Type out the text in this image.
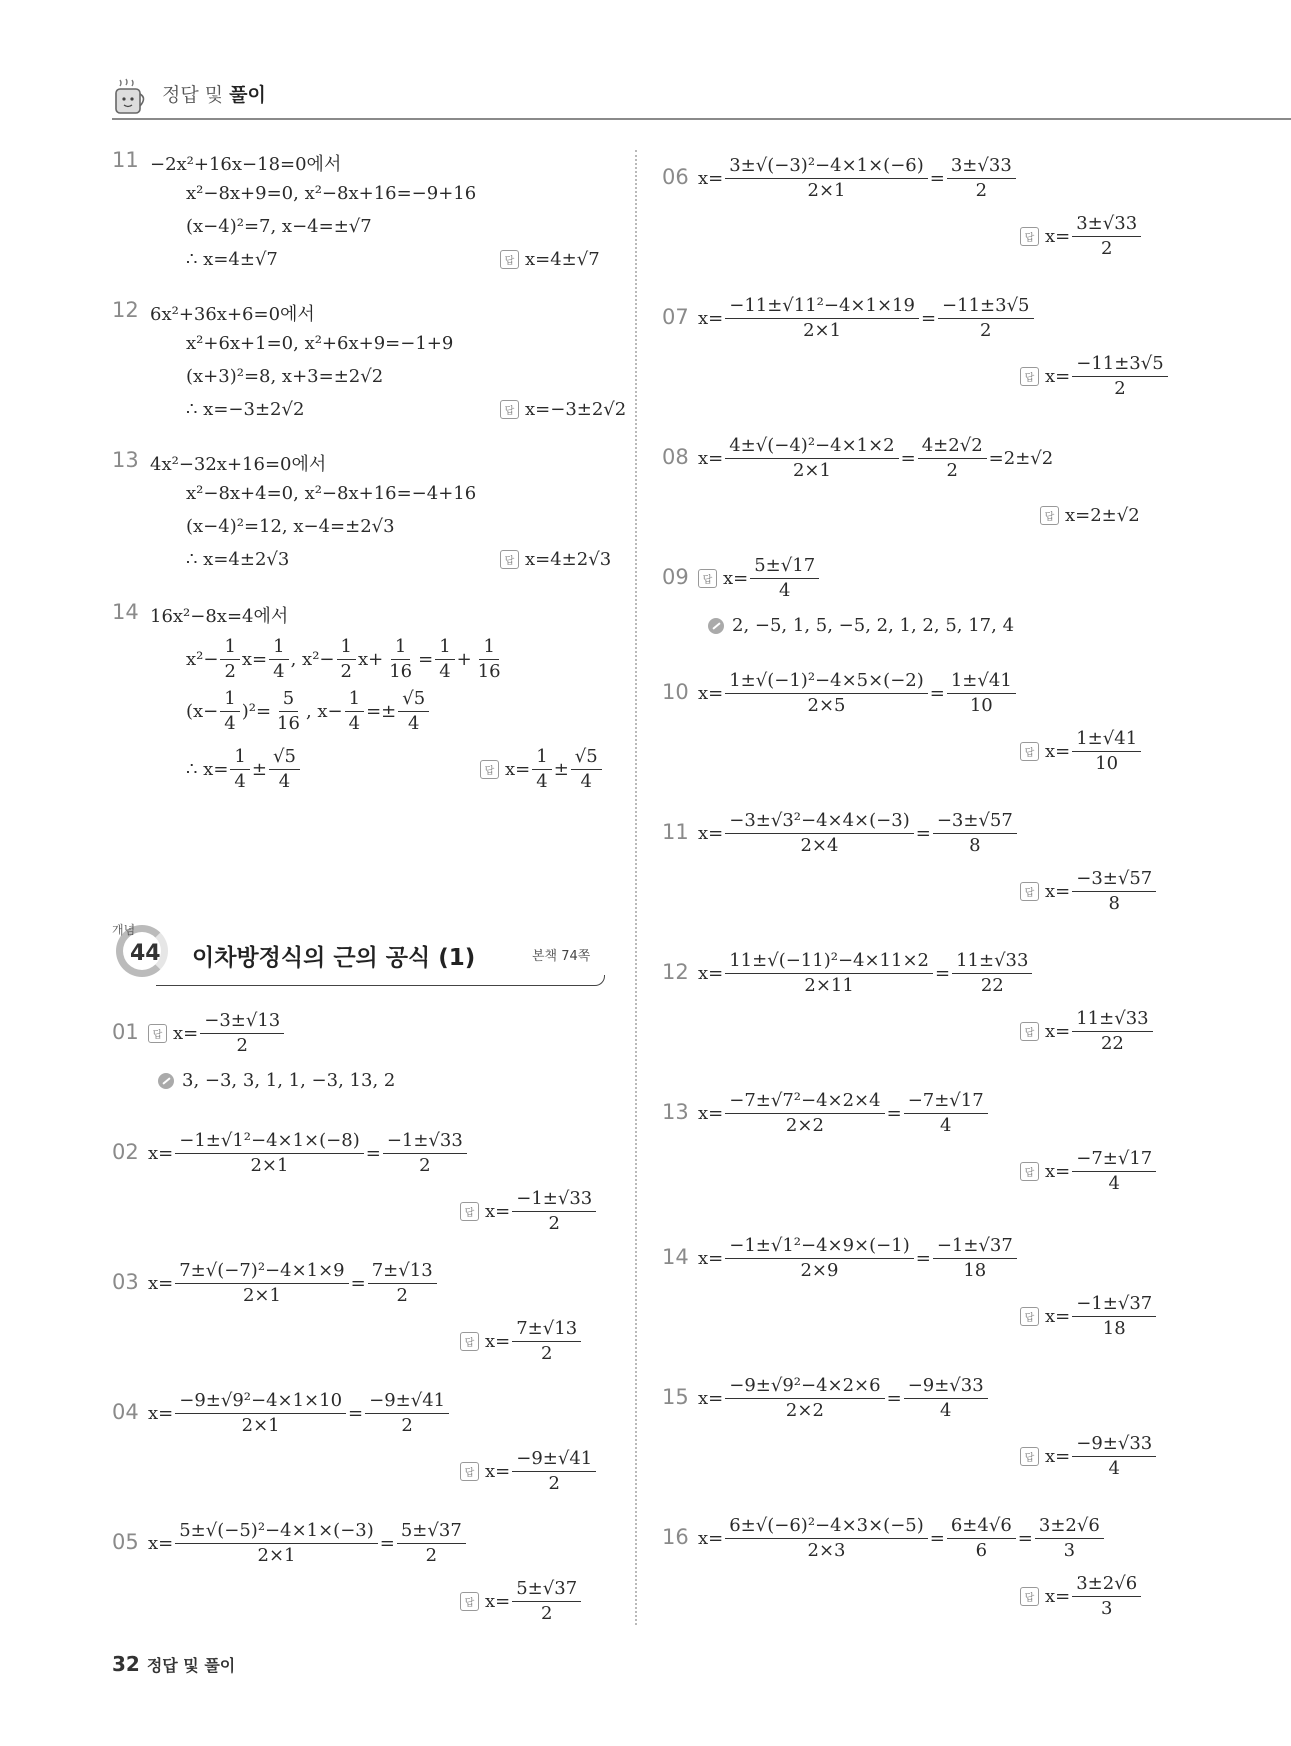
정답 및 풀이
14 16x²−8x=4에서
$x^2- \frac{1}{2} x= \frac{1}{4}$ , $x^2- \frac{1}{2} x+ \frac{1}{16} = \frac{1}{4} + \frac{1}{16}$
$(x- \frac{1}{4} )^2= \frac{5}{16}$ , $x- \frac{1}{4} =\pm \frac{√5}{4}$
∴ $x= \frac{1}{4} \pm \frac{√5}{4}$	답 $x= \frac{1}{4} \pm \frac{√5}{4}$
개념
44 이차방정식의 근의 공식 (1)	본책 74쪽
32 정답 및 풀이
11 −2x²+16x−18=0에서
x²−8x+9=0, x²−8x+16=−9+16
(x−4)²=7, x−4=±√7
∴ x=4±√7	답 x=4±√7
12 6x²+36x+6=0에서
x²+6x+1=0, x²+6x+9=−1+9
(x+3)²=8, x+3=±2√2
∴ x=−3±2√2	답 x=−3±2√2
13 4x²−32x+16=0에서
x²−8x+4=0, x²−8x+16=−4+16
(x−4)²=12, x−4=±2√3
∴ x=4±2√3	답 x=4±2√3
01	답 $x= \frac{-3\pm√13}{2}$
3, −3, 3, 1, 1, −3, 13, 2
02 $x= \frac{\text{−1±√1²−4×1×(−8)}}{2\times 1} = \frac{-1\pm√33}{2}$
답 $x= \frac{-1\pm√33}{2}$
03 $x= \frac{\text{7±√(−7)²−4×1×9}}{2\times 1} = \frac{7\pm√13}{2}$
답 $x= \frac{7\pm√13}{2}$
04 $x= \frac{\text{−9±√9²−4×1×10}}{2\times 1} = \frac{-9\pm√41}{2}$
답 $x= \frac{-9\pm√41}{2}$
05 $x= \frac{\text{5±√(−5)²−4×1×(−3)}}{2\times 1} = \frac{5\pm√37}{2}$
답 $x= \frac{5\pm√37}{2}$
06 $x= \frac{\text{3±√(−3)²−4×1×(−6)}}{2\times 1} = \frac{3\pm√33}{2}$
답 $x= \frac{3\pm√33}{2}$
07 $x= \frac{\text{−11±√11²−4×1×19}}{2\times 1} = \frac{-11\pm 3√5}{2}$
답 $x= \frac{-11\pm 3√5}{2}$
08 $x= \frac{\text{4±√(−4)²−4×1×2}}{2\times 1} = \frac{4\pm 2√2}{2} =2\pm√2$
답 x=2±√2
09	답 $x= \frac{5\pm√17}{4}$
2, −5, 1, 5, −5, 2, 1, 2, 5, 17, 4
10 $x= \frac{\text{1±√(−1)²−4×5×(−2)}}{2\times 5} = \frac{1\pm√41}{10}$
답 $x= \frac{1\pm√41}{10}$
11 $x= \frac{\text{−3±√3²−4×4×(−3)}}{2\times 4} = \frac{-3\pm√57}{8}$
답 $x= \frac{-3\pm√57}{8}$
12 $x= \frac{\text{11±√(−11)²−4×11×2}}{2\times 11} = \frac{11\pm√33}{22}$
답 $x= \frac{11\pm√33}{22}$
13 $x= \frac{\text{−7±√7²−4×2×4}}{2\times 2} = \frac{-7\pm√17}{4}$
답 $x= \frac{-7\pm√17}{4}$
14 $x= \frac{\text{−1±√1²−4×9×(−1)}}{2\times 9} = \frac{-1\pm√37}{18}$
답 $x= \frac{-1\pm√37}{18}$
15 $x= \frac{\text{−9±√9²−4×2×6}}{2\times 2} = \frac{-9\pm√33}{4}$
답 $x= \frac{-9\pm√33}{4}$
16 $x= \frac{\text{6±√(−6)²−4×3×(−5)}}{2\times 3} = \frac{6\pm 4√6}{6} = \frac{3\pm 2√6}{3}$
답 $x= \frac{3\pm 2√6}{3}$
